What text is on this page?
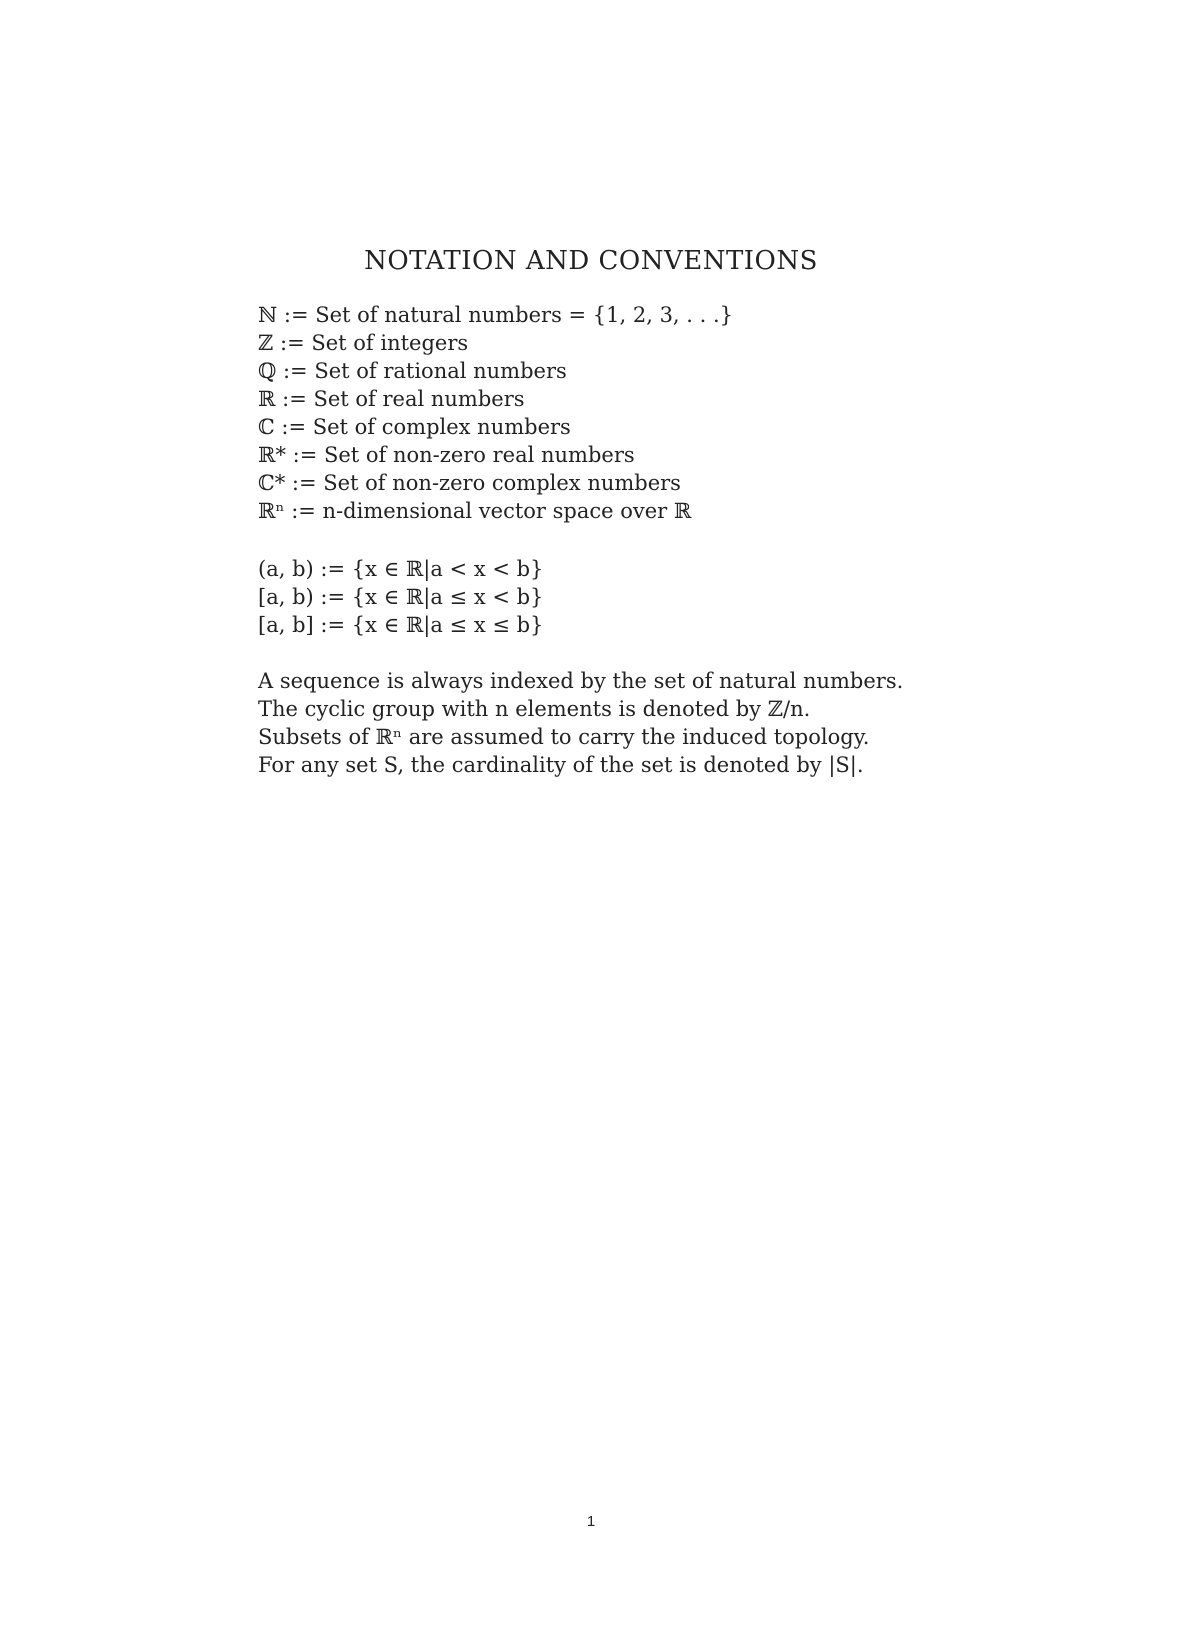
NOTATION AND CONVENTIONS
ℕ := Set of natural numbers = {1, 2, 3, . . .}
ℤ := Set of integers
ℚ := Set of rational numbers
ℝ := Set of real numbers
ℂ := Set of complex numbers
ℝ* := Set of non-zero real numbers
ℂ* := Set of non-zero complex numbers
ℝⁿ := n-dimensional vector space over ℝ
(a, b) := {x ∈ ℝ|a < x < b}
[a, b) := {x ∈ ℝ|a ≤ x < b}
[a, b] := {x ∈ ℝ|a ≤ x ≤ b}
A sequence is always indexed by the set of natural numbers.
The cyclic group with n elements is denoted by ℤ/n.
Subsets of ℝⁿ are assumed to carry the induced topology.
For any set S, the cardinality of the set is denoted by |S|.
1
